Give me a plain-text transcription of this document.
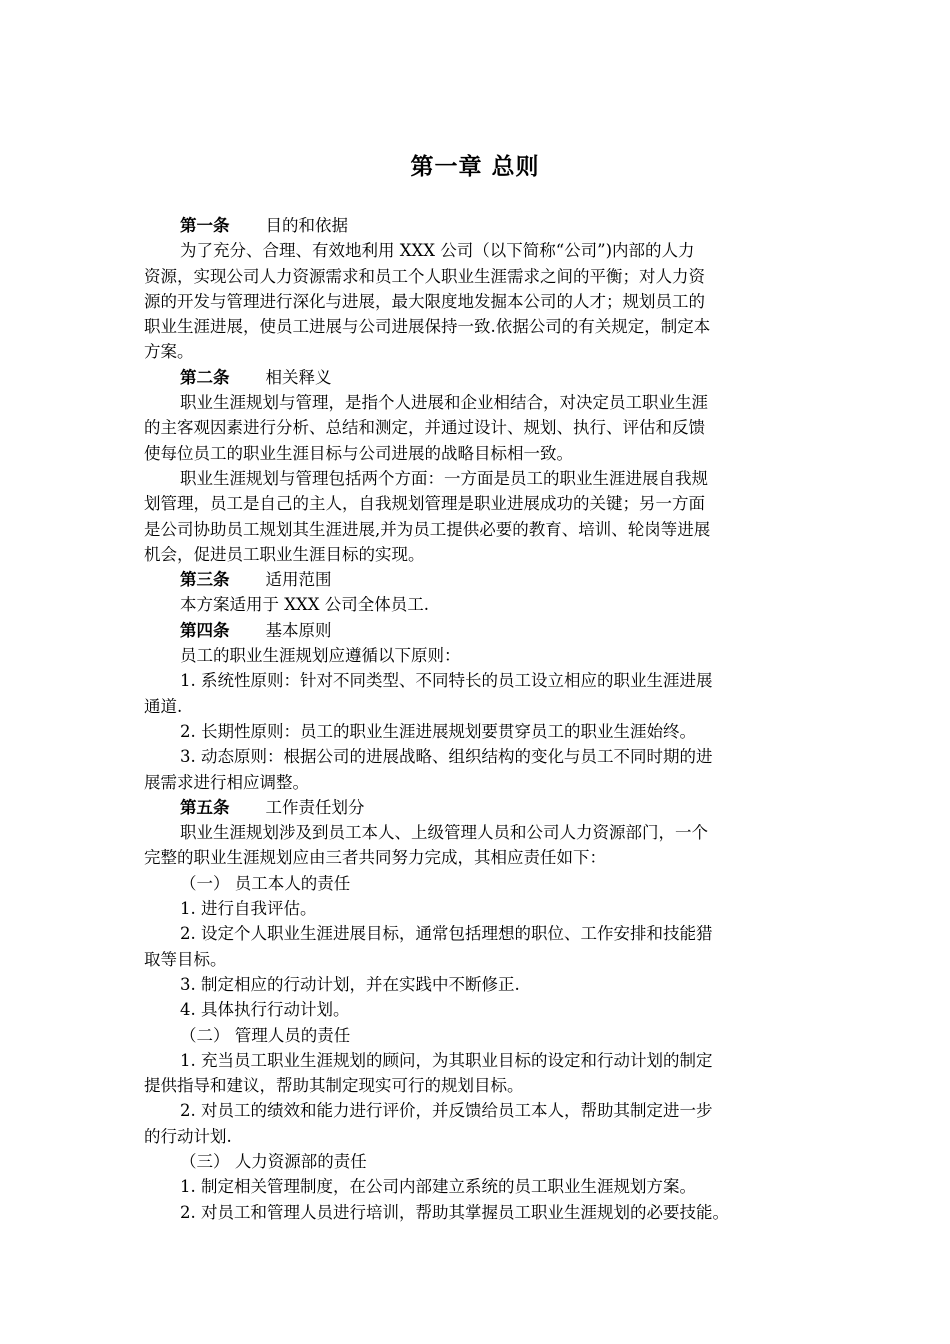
第一章 总则
第一条 目的和依据
为了充分、合理、有效地利用 XXX 公司（以下简称“公司”)内部的人力
资源，实现公司人力资源需求和员工个人职业生涯需求之间的平衡；对人力资
源的开发与管理进行深化与进展，最大限度地发掘本公司的人才；规划员工的
职业生涯进展，使员工进展与公司进展保持一致.依据公司的有关规定，制定本
方案。
第二条 相关释义
职业生涯规划与管理，是指个人进展和企业相结合，对决定员工职业生涯
的主客观因素进行分析、总结和测定，并通过设计、规划、执行、评估和反馈
使每位员工的职业生涯目标与公司进展的战略目标相一致。
职业生涯规划与管理包括两个方面：一方面是员工的职业生涯进展自我规
划管理，员工是自己的主人，自我规划管理是职业进展成功的关键；另一方面
是公司协助员工规划其生涯进展,并为员工提供必要的教育、培训、轮岗等进展
机会，促进员工职业生涯目标的实现。
第三条 适用范围
本方案适用于 XXX 公司全体员工.
第四条 基本原则
员工的职业生涯规划应遵循以下原则：
1. 系统性原则：针对不同类型、不同特长的员工设立相应的职业生涯进展
通道.
2. 长期性原则：员工的职业生涯进展规划要贯穿员工的职业生涯始终。
3. 动态原则：根据公司的进展战略、组织结构的变化与员工不同时期的进
展需求进行相应调整。
第五条 工作责任划分
职业生涯规划涉及到员工本人、上级管理人员和公司人力资源部门，一个
完整的职业生涯规划应由三者共同努力完成，其相应责任如下：
（一） 员工本人的责任
1. 进行自我评估。
2. 设定个人职业生涯进展目标，通常包括理想的职位、工作安排和技能猎
取等目标。
3. 制定相应的行动计划，并在实践中不断修正.
4. 具体执行行动计划。
（二） 管理人员的责任
1. 充当员工职业生涯规划的顾问，为其职业目标的设定和行动计划的制定
提供指导和建议，帮助其制定现实可行的规划目标。
2. 对员工的绩效和能力进行评价，并反馈给员工本人，帮助其制定进一步
的行动计划.
（三） 人力资源部的责任
1. 制定相关管理制度，在公司内部建立系统的员工职业生涯规划方案。
2. 对员工和管理人员进行培训，帮助其掌握员工职业生涯规划的必要技能。
